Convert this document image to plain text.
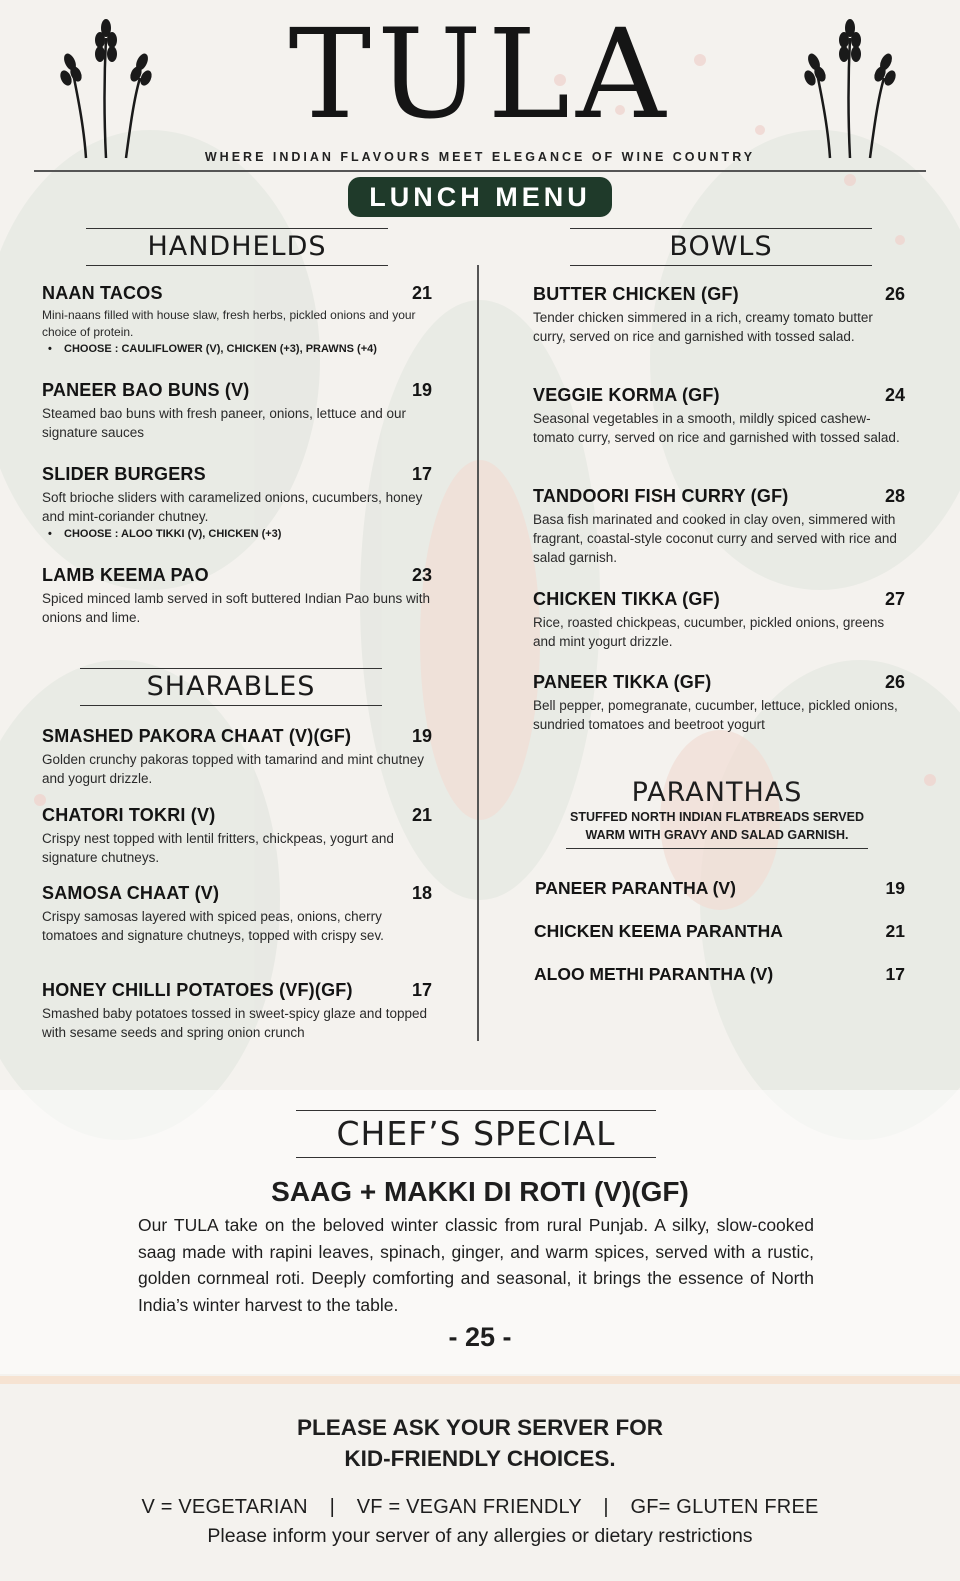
TULA
WHERE INDIAN FLAVOURS MEET ELEGANCE OF WINE COUNTRY
LUNCH MENU
HANDHELDS
NAAN TACOS	21
Mini-naans filled with house slaw, fresh herbs, pickled onions and your choice of protein.
• CHOOSE : CAULIFLOWER (V), CHICKEN (+3), PRAWNS (+4)
PANEER BAO BUNS (V)	19
Steamed bao buns with fresh paneer, onions, lettuce and our signature sauces
SLIDER BURGERS	17
Soft brioche sliders with caramelized onions, cucumbers, honey and mint-coriander chutney.
• CHOOSE : ALOO TIKKI (V), CHICKEN (+3)
LAMB KEEMA PAO	23
Spiced minced lamb served in soft buttered Indian Pao buns with onions and lime.
SHARABLES
SMASHED PAKORA CHAAT (V)(GF)	19
Golden crunchy pakoras topped with tamarind and mint chutney and yogurt drizzle.
CHATORI TOKRI (V)	21
Crispy nest topped with lentil fritters, chickpeas, yogurt and signature chutneys.
SAMOSA CHAAT (V)	18
Crispy samosas layered with spiced peas, onions, cherry tomatoes and signature chutneys, topped with crispy sev.
HONEY CHILLI POTATOES (VF)(GF)	17
Smashed baby potatoes tossed in sweet-spicy glaze and topped with sesame seeds and spring onion crunch
BOWLS
BUTTER CHICKEN (GF)	26
Tender chicken simmered in a rich, creamy tomato butter curry, served on rice and garnished with tossed salad.
VEGGIE KORMA (GF)	24
Seasonal vegetables in a smooth, mildly spiced cashew-tomato curry, served on rice and garnished with tossed salad.
TANDOORI FISH CURRY (GF)	28
Basa fish marinated and cooked in clay oven, simmered with fragrant, coastal-style coconut curry and served with rice and salad garnish.
CHICKEN TIKKA (GF)	27
Rice, roasted chickpeas, cucumber, pickled onions, greens and mint yogurt drizzle.
PANEER TIKKA (GF)	26
Bell pepper, pomegranate, cucumber, lettuce, pickled onions, sundried tomatoes and beetroot yogurt
PARANTHAS
STUFFED NORTH INDIAN FLATBREADS SERVED
WARM WITH GRAVY AND SALAD GARNISH.
PANEER PARANTHA (V)	19
CHICKEN KEEMA PARANTHA	21
ALOO METHI PARANTHA (V)	17
CHEF’S SPECIAL
SAAG + MAKKI DI ROTI (V)(GF)
Our TULA take on the beloved winter classic from rural Punjab. A silky, slow-cooked saag made with rapini leaves, spinach, ginger, and warm spices, served with a rustic, golden cornmeal roti. Deeply comforting and seasonal, it brings the essence of North India’s winter harvest to the table.
- 25 -
PLEASE ASK YOUR SERVER FOR
KID-FRIENDLY CHOICES.
V = VEGETARIAN | VF = VEGAN FRIENDLY | GF= GLUTEN FREE
Please inform your server of any allergies or dietary restrictions
